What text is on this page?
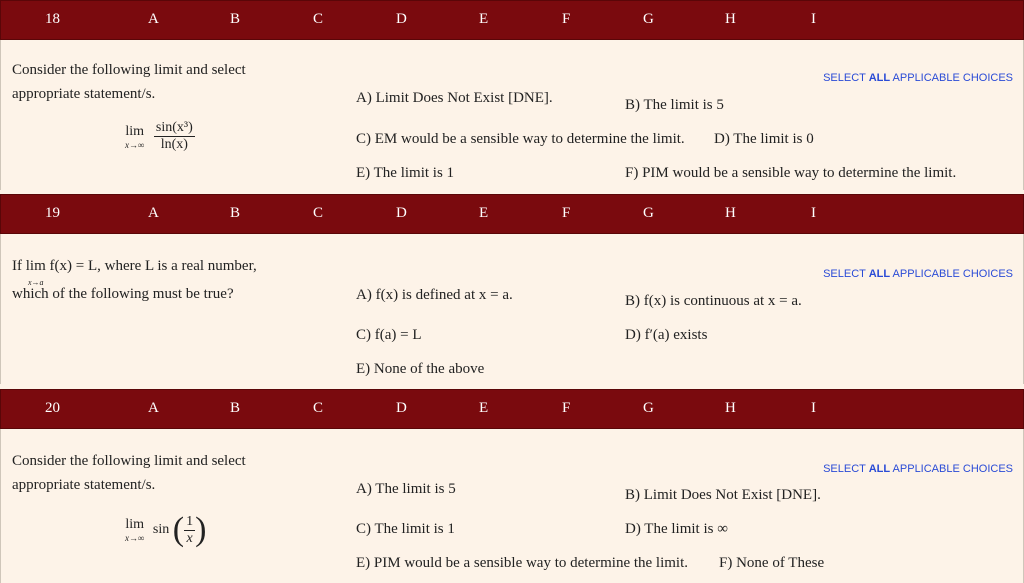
18	A	B	C	D	E	F	G	H	I
Consider the following limit and select
appropriate statement/s.
SELECT ALL APPLICABLE CHOICES
lim
x→∞
$\frac{\text{sin(x³)}}{\ln(x)}$
A) Limit Does Not Exist [DNE].	B) The limit is 5
C) EM would be a sensible way to determine the limit. D) The limit is 0
E) The limit is 1	F) PIM would be a sensible way to determine the limit.
19	A	B	C	D	E	F	G	H	I
If lim
x→a
f(x) = L, where L is a real number,
which of the following must be true?
SELECT ALL APPLICABLE CHOICES
A) f(x) is defined at x = a.	B) f(x) is continuous at x = a.
C) f(a) = L	D) f′(a) exists
E) None of the above
20	A	B	C	D	E	F	G	H	I
Consider the following limit and select
appropriate statement/s.
SELECT ALL APPLICABLE CHOICES
lim
x→∞
sin ( $\frac{1}{x}$ )
A) The limit is 5	B) Limit Does Not Exist [DNE].
C) The limit is 1	D) The limit is ∞
E) PIM would be a sensible way to determine the limit. F) None of These
